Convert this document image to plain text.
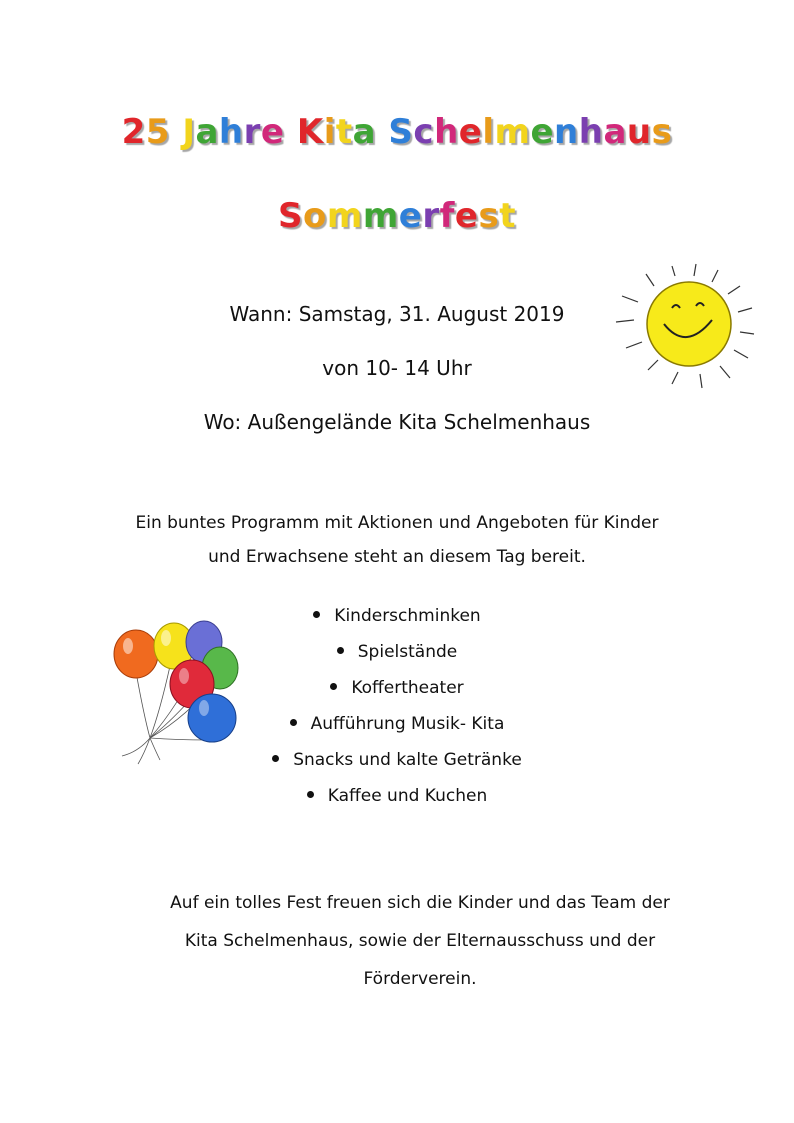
25 Jahre Kita Schelmenhaus
Sommerfest
Wann: Samstag, 31. August 2019
von 10- 14 Uhr
Wo: Außengelände Kita Schelmenhaus
Ein buntes Programm mit Aktionen und Angeboten für Kinder
und Erwachsene steht an diesem Tag bereit.
Kinderschminken
Spielstände
Koffertheater
Aufführung Musik- Kita
Snacks und kalte Getränke
Kaffee und Kuchen
Auf ein tolles Fest freuen sich die Kinder und das Team der
Kita Schelmenhaus, sowie der Elternausschuss und der
Förderverein.
